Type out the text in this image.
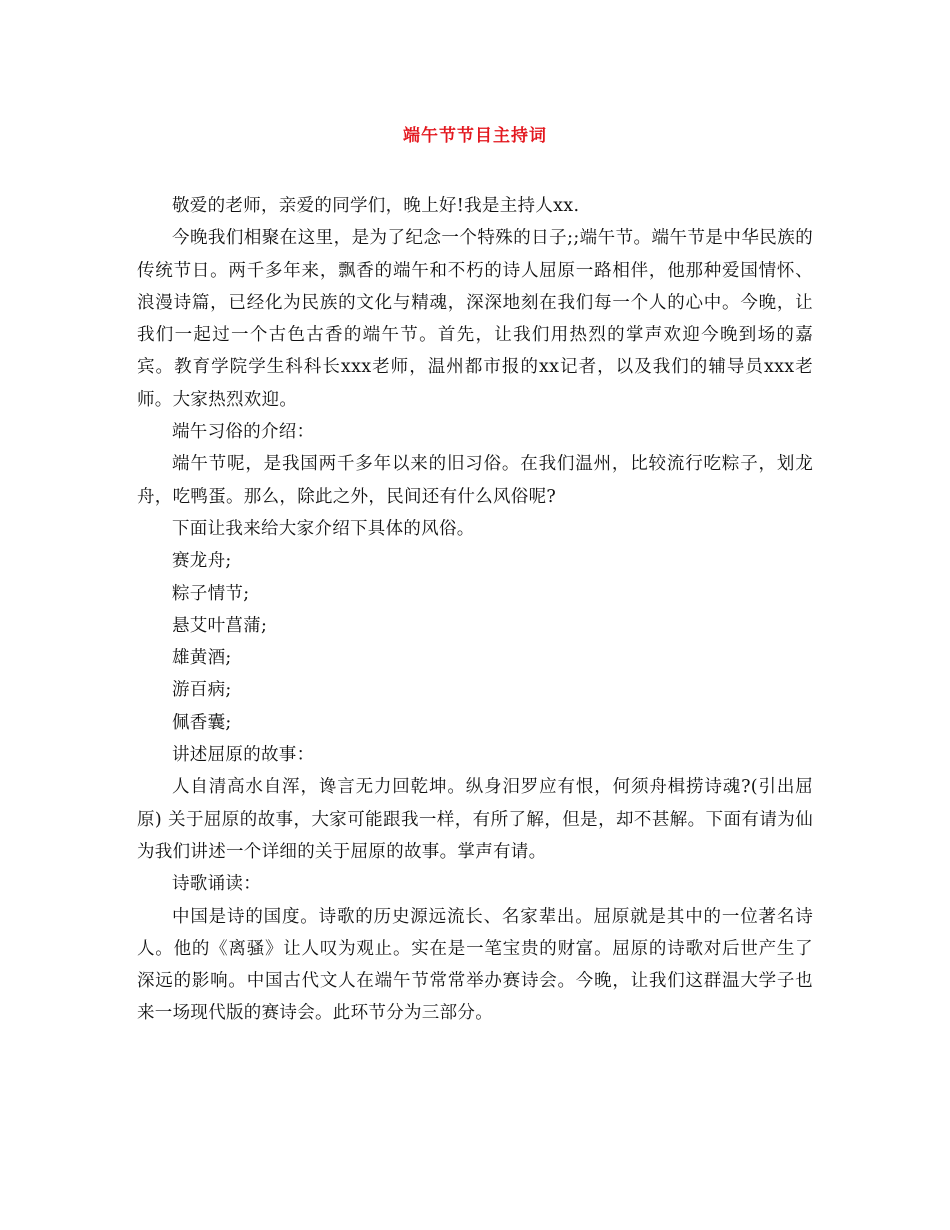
端午节节目主持词

敬爱的老师，亲爱的同学们，晚上好!我是主持人xx.

今晚我们相聚在这里，是为了纪念一个特殊的日子;;端午节。端午节是中华民族的传统节日。两千多年来，飘香的端午和不朽的诗人屈原一路相伴，他那种爱国情怀、浪漫诗篇，已经化为民族的文化与精魂，深深地刻在我们每一个人的心中。今晚，让我们一起过一个古色古香的端午节。首先，让我们用热烈的掌声欢迎今晚到场的嘉宾。教育学院学生科科长xxx老师，温州都市报的xx记者，以及我们的辅导员xxx老师。大家热烈欢迎。

端午习俗的介绍：

端午节呢，是我国两千多年以来的旧习俗。在我们温州，比较流行吃粽子，划龙舟，吃鸭蛋。那么，除此之外，民间还有什么风俗呢?

下面让我来给大家介绍下具体的风俗。

赛龙舟;

粽子情节;

悬艾叶菖蒲;

雄黄酒;

游百病;

佩香囊;

讲述屈原的故事：

人自清高水自浑，谗言无力回乾坤。纵身汨罗应有恨，何须舟楫捞诗魂?(引出屈原) 关于屈原的故事，大家可能跟我一样，有所了解，但是，却不甚解。下面有请为仙为我们讲述一个详细的关于屈原的故事。掌声有请。

诗歌诵读：

中国是诗的国度。诗歌的历史源远流长、名家辈出。屈原就是其中的一位著名诗人。他的《离骚》让人叹为观止。实在是一笔宝贵的财富。屈原的诗歌对后世产生了深远的影响。中国古代文人在端午节常常举办赛诗会。今晚，让我们这群温大学子也来一场现代版的赛诗会。此环节分为三部分。
